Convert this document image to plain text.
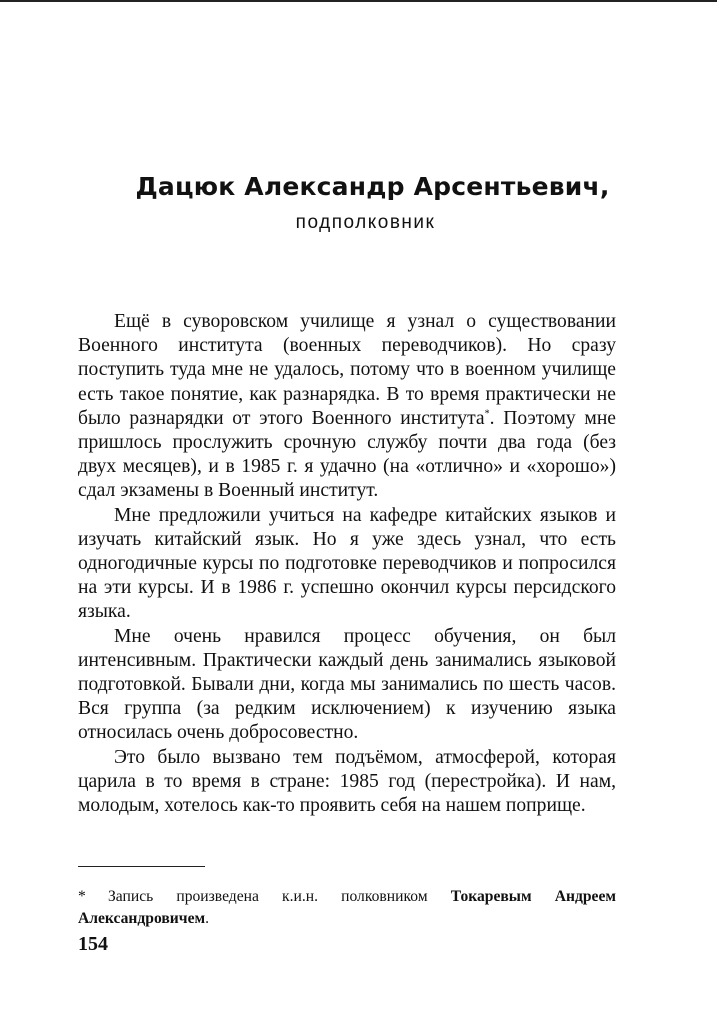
Дацюк Александр Арсентьевич,
подполковник

Ещё в суворовском училище я узнал о существовании Военного института (военных переводчиков). Но сразу поступить туда мне не удалось, потому что в военном училище есть такое понятие, как разнарядка. В то время практически не было разнарядки от этого Военного института*. Поэтому мне пришлось прослужить срочную службу почти два года (без двух месяцев), и в 1985 г. я удачно (на «отлично» и «хорошо») сдал экзамены в Военный институт.

Мне предложили учиться на кафедре китайских языков и изучать китайский язык. Но я уже здесь узнал, что есть одногодичные курсы по подготовке переводчиков и попросился на эти курсы. И в 1986 г. успешно окончил курсы персидского языка.

Мне очень нравился процесс обучения, он был интенсивным. Практически каждый день занимались языковой подготовкой. Бывали дни, когда мы занимались по шесть часов. Вся группа (за редким исключением) к изучению языка относилась очень добросовестно.

Это было вызвано тем подъёмом, атмосферой, которая царила в то время в стране: 1985 год (перестройка). И нам, молодым, хотелось как-то проявить себя на нашем поприще.

* Запись произведена к.и.н. полковником Токаревым Андреем Александровичем.
154
